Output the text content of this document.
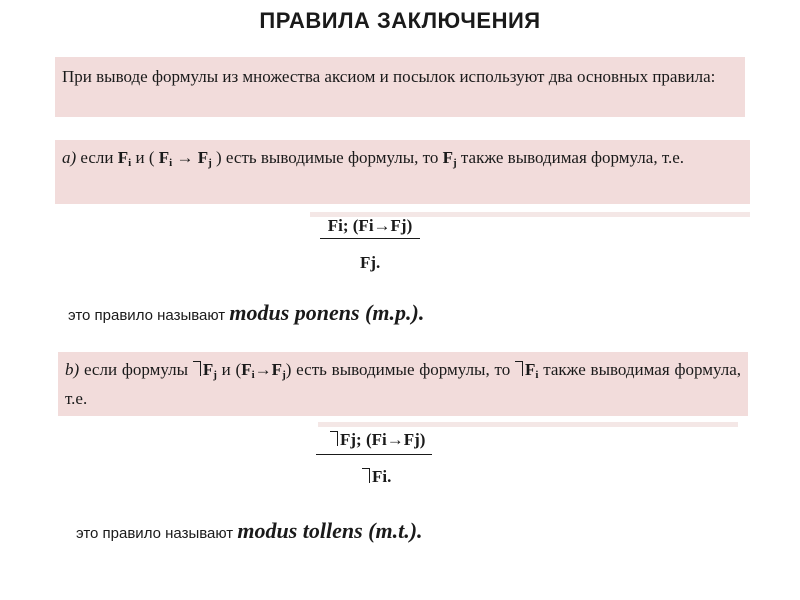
ПРАВИЛА ЗАКЛЮЧЕНИЯ
При выводе формулы из множества аксиом и посылок используют два основных правила:
а) если $F_i$ и ( $F_i \to F_j$ ) есть выводимые формулы, то $F_j$ также выводимая формула, т.е.
Fi; (Fi→Fj)
Fj.
это правило называют modus ponens (m.p.).
b) если формулы $F_j$ и $(F_i\to F_j)$ есть выводимые формулы, то $F_i$ также выводимая формула, т.е.
Fj; (Fi→Fj)
Fi.
это правило называют modus tollens (m.t.).
